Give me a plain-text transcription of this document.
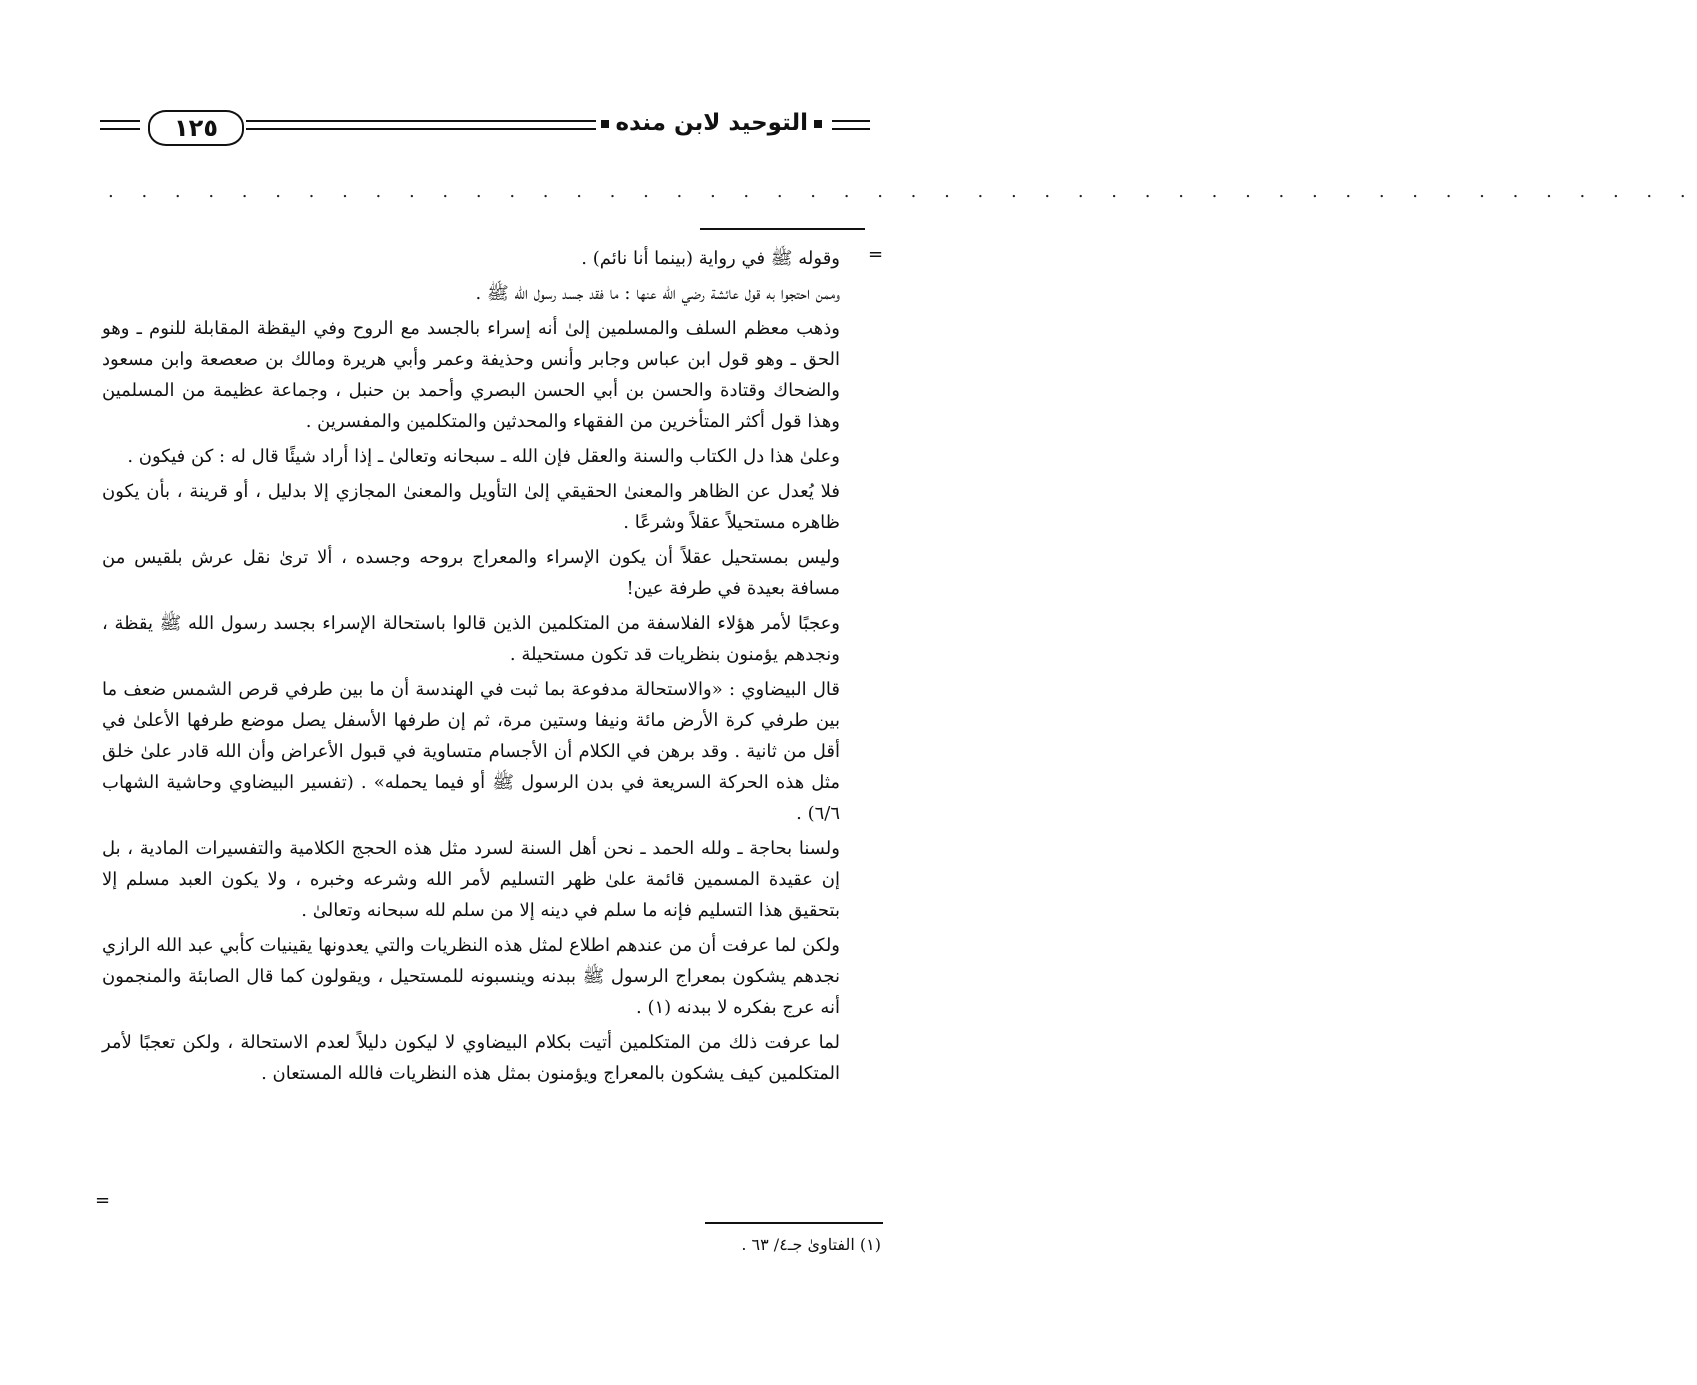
١٢٥	التوحيد لابن منده
. . . . . . . . . . . . . . . . . . . . . . . . . . . . . . . . . . . . . . . . . . . . . . . .
=
=

وقوله ﷺ في رواية (بينما أنا نائم) .

وممن احتجوا به قول عائشة رضي الله عنها : ما فقد جسد رسول الله ﷺ .

وذهب معظم السلف والمسلمين إلىٰ أنه إسراء بالجسد مع الروح وفي اليقظة المقابلة للنوم ـ وهو الحق ـ وهو قول ابن عباس وجابر وأنس وحذيفة وعمر وأبي هريرة ومالك بن صعصعة وابن مسعود والضحاك وقتادة والحسن بن أبي الحسن البصري وأحمد بن حنبل ، وجماعة عظيمة من المسلمين وهذا قول أكثر المتأخرين من الفقهاء والمحدثين والمتكلمين والمفسرين .

وعلىٰ هذا دل الكتاب والسنة والعقل فإن الله ـ سبحانه وتعالىٰ ـ إذا أراد شيئًا قال له : كن فيكون .

فلا يُعدل عن الظاهر والمعنىٰ الحقيقي إلىٰ التأويل والمعنىٰ المجازي إلا بدليل ، أو قرينة ، بأن يكون ظاهره مستحيلاً عقلاً وشرعًا .

وليس بمستحيل عقلاً أن يكون الإسراء والمعراج بروحه وجسده ، ألا ترىٰ نقل عرش بلقيس من مسافة بعيدة في طرفة عين!

وعجبًا لأمر هؤلاء الفلاسفة من المتكلمين الذين قالوا باستحالة الإسراء بجسد رسول الله ﷺ يقظة ، ونجدهم يؤمنون بنظريات قد تكون مستحيلة .

قال البيضاوي : «والاستحالة مدفوعة بما ثبت في الهندسة أن ما بين طرفي قرص الشمس ضعف ما بين طرفي كرة الأرض مائة ونيفا وستين مرة، ثم إن طرفها الأسفل يصل موضع طرفها الأعلىٰ في أقل من ثانية . وقد برهن في الكلام أن الأجسام متساوية في قبول الأعراض وأن الله قادر علىٰ خلق مثل هذه الحركة السريعة في بدن الرسول ﷺ أو فيما يحمله» . (تفسير البيضاوي وحاشية الشهاب ٦/٦) .

ولسنا بحاجة ـ ولله الحمد ـ نحن أهل السنة لسرد مثل هذه الحجج الكلامية والتفسيرات المادية ، بل إن عقيدة المسمين قائمة علىٰ ظهر التسليم لأمر الله وشرعه وخبره ، ولا يكون العبد مسلم إلا بتحقيق هذا التسليم فإنه ما سلم في دينه إلا من سلم لله سبحانه وتعالىٰ .

ولكن لما عرفت أن من عندهم اطلاع لمثل هذه النظريات والتي يعدونها يقينيات كأبي عبد الله الرازي نجدهم يشكون بمعراج الرسول ﷺ ببدنه وينسبونه للمستحيل ، ويقولون كما قال الصابئة والمنجمون أنه عرج بفكره لا ببدنه (١) .

لما عرفت ذلك من المتكلمين أتيت بكلام البيضاوي لا ليكون دليلاً لعدم الاستحالة ، ولكن تعجبًا لأمر المتكلمين كيف يشكون بالمعراج ويؤمنون بمثل هذه النظريات فالله المستعان .

(١) الفتاوىٰ جـ٤/ ٦٣ .
